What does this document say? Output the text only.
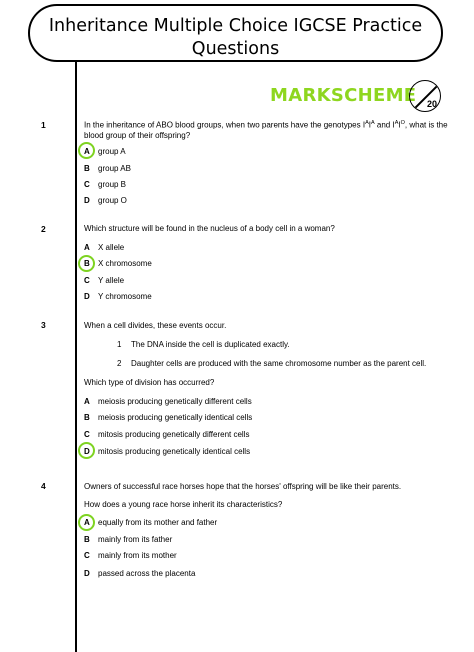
Inheritance Multiple Choice IGCSE Practice
Questions
MARKSCHEME 20
1	In the inheritance of ABO blood groups, when two parents have the genotypes $I^AI^A$ and $I^AI^O$, what is the blood group of their offspring?
A group A
B group AB
C group B
D group O
2	Which structure will be found in the nucleus of a body cell in a woman?
A X allele
B X chromosome
C Y allele
D Y chromosome
3	When a cell divides, these events occur.
1 The DNA inside the cell is duplicated exactly.
2 Daughter cells are produced with the same chromosome number as the parent cell.
Which type of division has occurred?
A meiosis producing genetically different cells
B meiosis producing genetically identical cells
C mitosis producing genetically different cells
D mitosis producing genetically identical cells
4	Owners of successful race horses hope that the horses' offspring will be like their parents.
How does a young race horse inherit its characteristics?
A equally from its mother and father
B mainly from its father
C mainly from its mother
D passed across the placenta
